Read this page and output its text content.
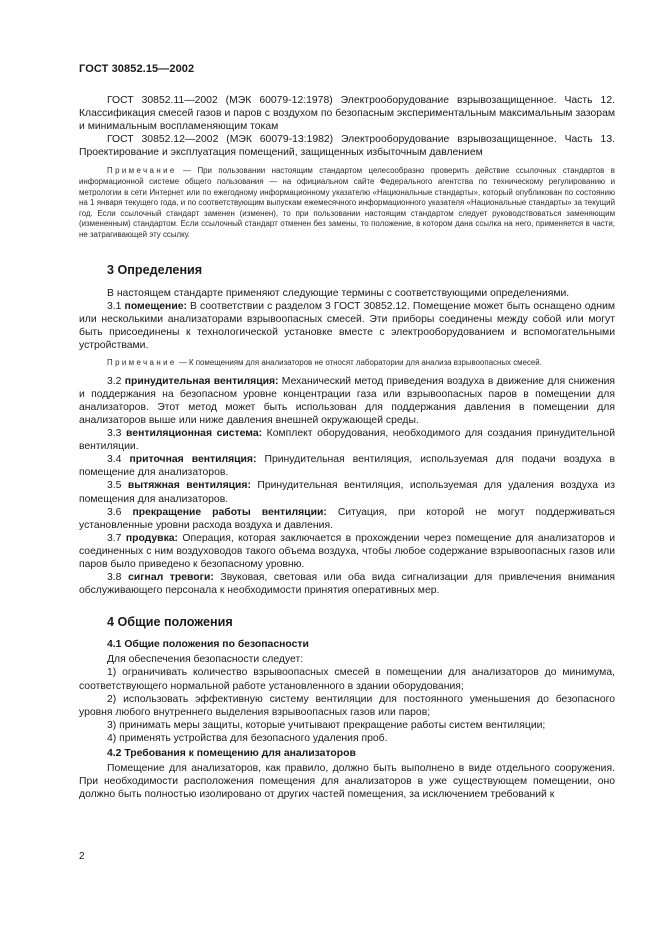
ГОСТ 30852.15—2002

ГОСТ 30852.11—2002 (МЭК 60079-12:1978) Электрооборудование взрывозащищенное. Часть 12. Классификация смесей газов и паров с воздухом по безопасным экспериментальным максимальным зазорам и минимальным воспламеняющим токам

ГОСТ 30852.12—2002 (МЭК 60079-13:1982) Электрооборудование взрывозащищенное. Часть 13. Проектирование и эксплуатация помещений, защищенных избыточным давлением

Примечание — При пользовании настоящим стандартом целесообразно проверить действие ссылочных стандартов в информационной системе общего пользования — на официальном сайте Федерального агентства по техническому регулированию и метрологии в сети Интернет или по ежегодному информационному указателю «Национальные стандарты», который опубликован по состоянию на 1 января текущего года, и по соответствующим выпускам ежемесячного информационного указателя «Национальные стандарты» за текущий год. Если ссылочный стандарт заменен (изменен), то при пользовании настоящим стандартом следует руководствоваться заменяющим (измененным) стандартом. Если ссылочный стандарт отменен без замены, то положение, в котором дана ссылка на него, применяется в части, не затрагивающей эту ссылку.

3 Определения

В настоящем стандарте применяют следующие термины с соответствующими определениями.

3.1 помещение: В соответствии с разделом 3 ГОСТ 30852.12. Помещение может быть оснащено одним или несколькими анализаторами взрывоопасных смесей. Эти приборы соединены между собой или могут быть присоединены к технологической установке вместе с электрооборудованием и вспомогательными устройствами.

Примечание — К помещениям для анализаторов не относят лаборатории для анализа взрывоопасных смесей.

3.2 принудительная вентиляция: Механический метод приведения воздуха в движение для снижения и поддержания на безопасном уровне концентрации газа или взрывоопасных паров в помещении для анализаторов. Этот метод может быть использован для поддержания давления в помещении для анализаторов выше или ниже давления внешней окружающей среды.

3.3 вентиляционная система: Комплект оборудования, необходимого для создания принудительной вентиляции.

3.4 приточная вентиляция: Принудительная вентиляция, используемая для подачи воздуха в помещение для анализаторов.

3.5 вытяжная вентиляция: Принудительная вентиляция, используемая для удаления воздуха из помещения для анализаторов.

3.6 прекращение работы вентиляции: Ситуация, при которой не могут поддерживаться установленные уровни расхода воздуха и давления.

3.7 продувка: Операция, которая заключается в прохождении через помещение для анализаторов и соединенных с ним воздуховодов такого объема воздуха, чтобы любое содержание взрывоопасных газов или паров было приведено к безопасному уровню.

3.8 сигнал тревоги: Звуковая, световая или оба вида сигнализации для привлечения внимания обслуживающего персонала к необходимости принятия оперативных мер.

4 Общие положения

4.1 Общие положения по безопасности

Для обеспечения безопасности следует:

1) ограничивать количество взрывоопасных смесей в помещении для анализаторов до минимума, соответствующего нормальной работе установленного в здании оборудования;

2) использовать эффективную систему вентиляции для постоянного уменьшения до безопасного уровня любого внутреннего выделения взрывоопасных газов или паров;

3) принимать меры защиты, которые учитывают прекращение работы систем вентиляции;

4) применять устройства для безопасного удаления проб.

4.2 Требования к помещению для анализаторов

Помещение для анализаторов, как правило, должно быть выполнено в виде отдельного сооружения. При необходимости расположения помещения для анализаторов в уже существующем помещении, оно должно быть полностью изолировано от других частей помещения, за исключением требований к

2
